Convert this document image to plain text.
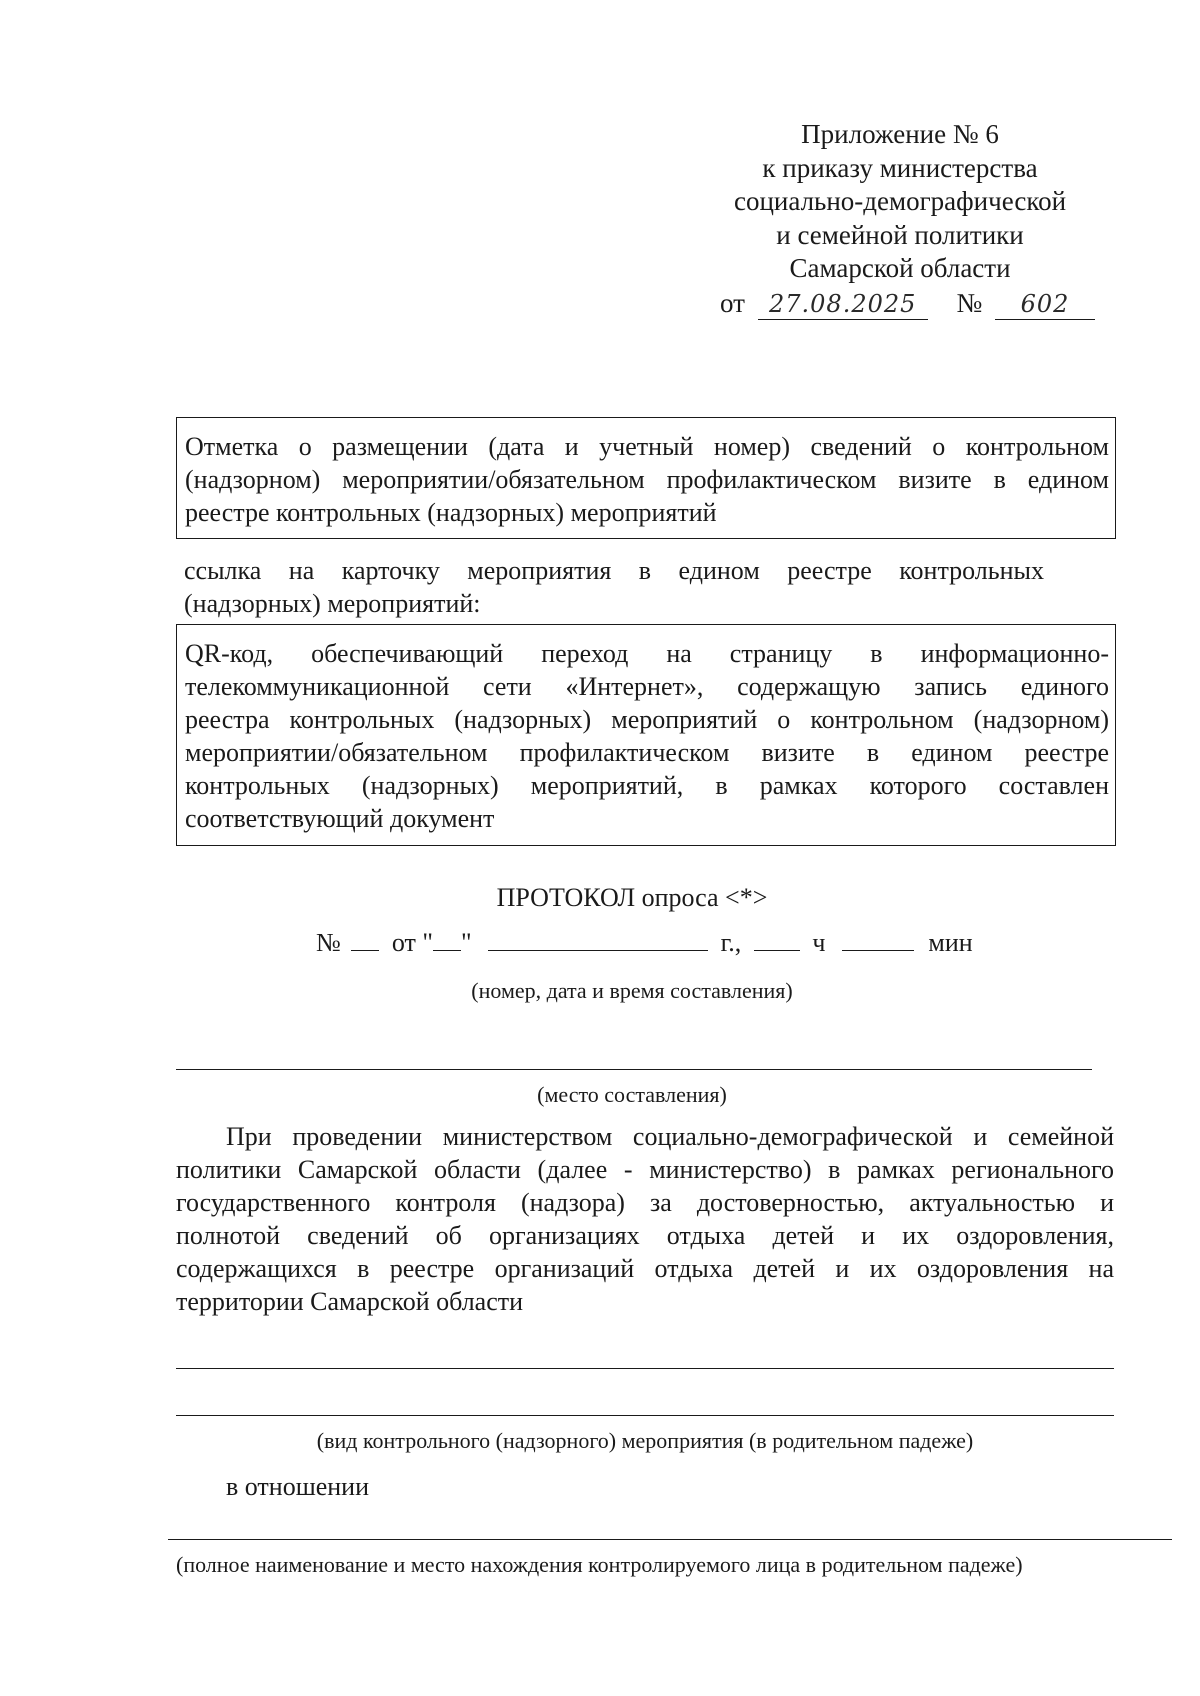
Приложение № 6
к приказу министерства
социально-демографической
и семейной политики
Самарской области
от 27.08.2025 № 602
Отметка о размещении (дата и учетный номер) сведений о контрольном
(надзорном) мероприятии/обязательном профилактическом визите в едином
реестре контрольных (надзорных) мероприятий
ссылка на карточку мероприятия в едином реестре контрольных
(надзорных) мероприятий:
QR-код, обеспечивающий переход на страницу в информационно-
телекоммуникационной сети «Интернет», содержащую запись единого
реестра контрольных (надзорных) мероприятий о контрольном (надзорном)
мероприятии/обязательном профилактическом визите в едином реестре
контрольных (надзорных) мероприятий, в рамках которого составлен
соответствующий документ
ПРОТОКОЛ опроса <*>
№ от " "	г.,	ч	мин
(номер, дата и время составления)
(место составления)
При проведении министерством социально-демографической и семейной
политики Самарской области (далее - министерство) в рамках регионального
государственного контроля (надзора) за достоверностью, актуальностью и
полнотой сведений об организациях отдыха детей и их оздоровления,
содержащихся в реестре организаций отдыха детей и их оздоровления на
территории Самарской области
(вид контрольного (надзорного) мероприятия (в родительном падеже)
в отношении
(полное наименование и место нахождения контролируемого лица в родительном падеже)
